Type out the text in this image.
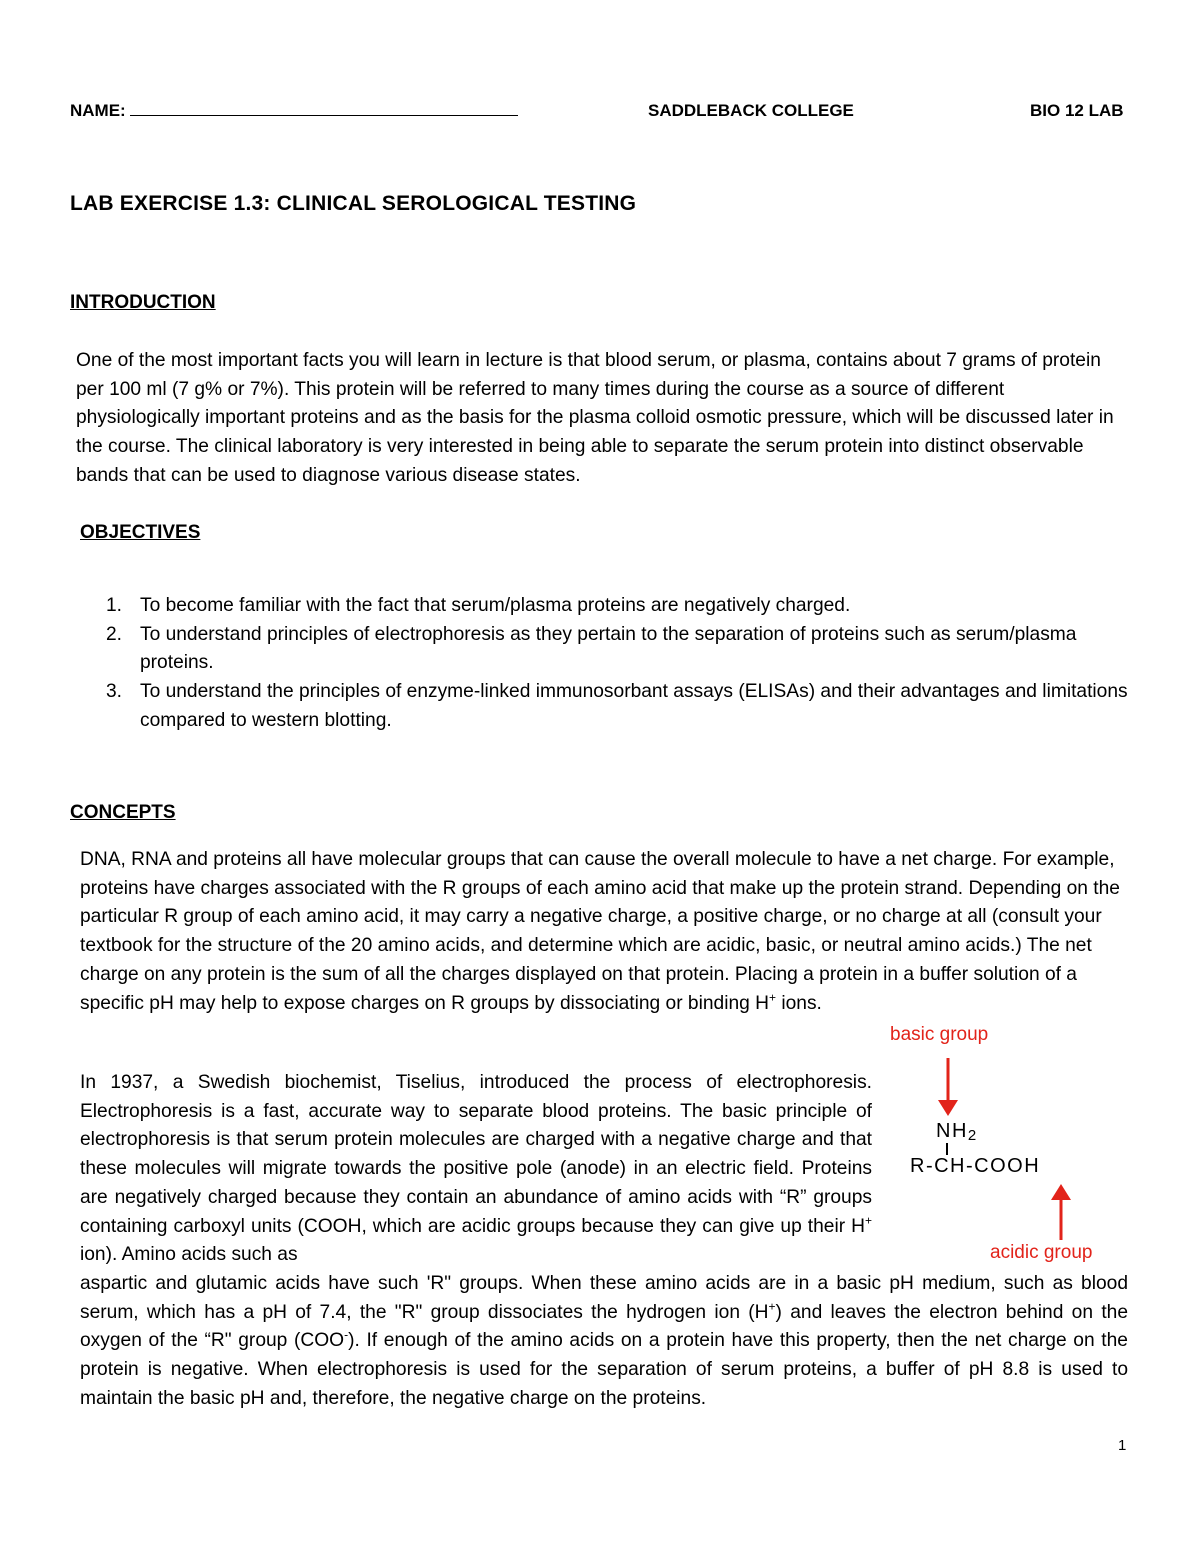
NAME:	SADDLEBACK COLLEGE	BIO 12 LAB
LAB EXERCISE 1.3: CLINICAL SEROLOGICAL TESTING
INTRODUCTION
One of the most important facts you will learn in lecture is that blood serum, or plasma, contains about 7 grams of protein per 100 ml (7 g% or 7%). This protein will be referred to many times during the course as a source of different physiologically important proteins and as the basis for the plasma colloid osmotic pressure, which will be discussed later in the course. The clinical laboratory is very interested in being able to separate the serum protein into distinct observable bands that can be used to diagnose various disease states.
OBJECTIVES
1. To become familiar with the fact that serum/plasma proteins are negatively charged.
2. To understand principles of electrophoresis as they pertain to the separation of proteins such as serum/plasma proteins.
3. To understand the principles of enzyme-linked immunosorbant assays (ELISAs) and their advantages and limitations compared to western blotting.
CONCEPTS
DNA, RNA and proteins all have molecular groups that can cause the overall molecule to have a net charge. For example, proteins have charges associated with the R groups of each amino acid that make up the protein strand. Depending on the particular R group of each amino acid, it may carry a negative charge, a positive charge, or no charge at all (consult your textbook for the structure of the 20 amino acids, and determine which are acidic, basic, or neutral amino acids.) The net charge on any protein is the sum of all the charges displayed on that protein. Placing a protein in a buffer solution of a specific pH may help to expose charges on R groups by dissociating or binding H+ ions.
In 1937, a Swedish biochemist, Tiselius, introduced the process of electrophoresis. Electrophoresis is a fast, accurate way to separate blood proteins. The basic principle of electrophoresis is that serum protein molecules are charged with a negative charge and that these molecules will migrate towards the positive pole (anode) in an electric field. Proteins are negatively charged because they contain an abundance of amino acids with “R” groups containing carboxyl units (COOH, which are acidic groups because they can give up their H+ ion). Amino acids such as
aspartic and glutamic acids have such 'R" groups. When these amino acids are in a basic pH medium, such as blood serum, which has a pH of 7.4, the "R" group dissociates the hydrogen ion (H+) and leaves the electron behind on the oxygen of the “R" group (COO-). If enough of the amino acids on a protein have this property, then the net charge on the protein is negative. When electrophoresis is used for the separation of serum proteins, a buffer of pH 8.8 is used to maintain the basic pH and, therefore, the negative charge on the proteins.
basic group
NH2
R-CH-COOH
acidic group
1
